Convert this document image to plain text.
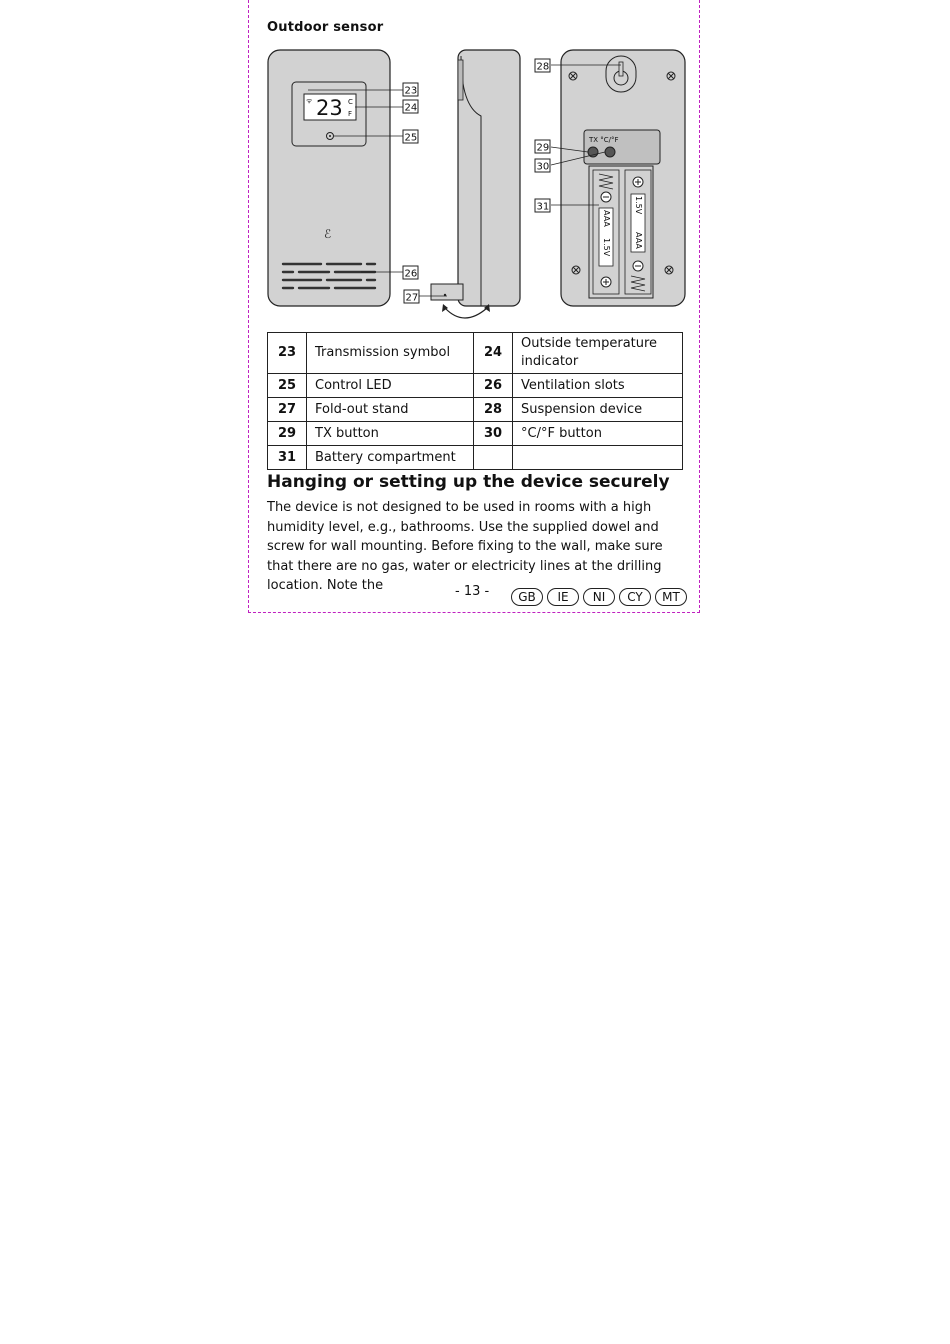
Outdoor sensor
23 C
F
ᯤ
ℰ
TX °C/°F
1.5V
AAA
1.5V
AAA
23
24
25
26
27
28
29
30
31
23	Transmission symbol	24	Outside temperature indicator
25	Control LED	26	Ventilation slots
27	Fold-out stand	28	Suspension device
29	TX button	30	°C/°F button
31	Battery compartment		
Hanging or setting up the device securely

The device is not designed to be used in rooms with a high humidity level, e.g., bathrooms. Use the supplied dowel and screw for wall mounting. Before fixing to the wall, make sure that there are no gas, water or electricity lines at the drilling location. Note the	- 13 -	GB	IE	NI	CY	MT
